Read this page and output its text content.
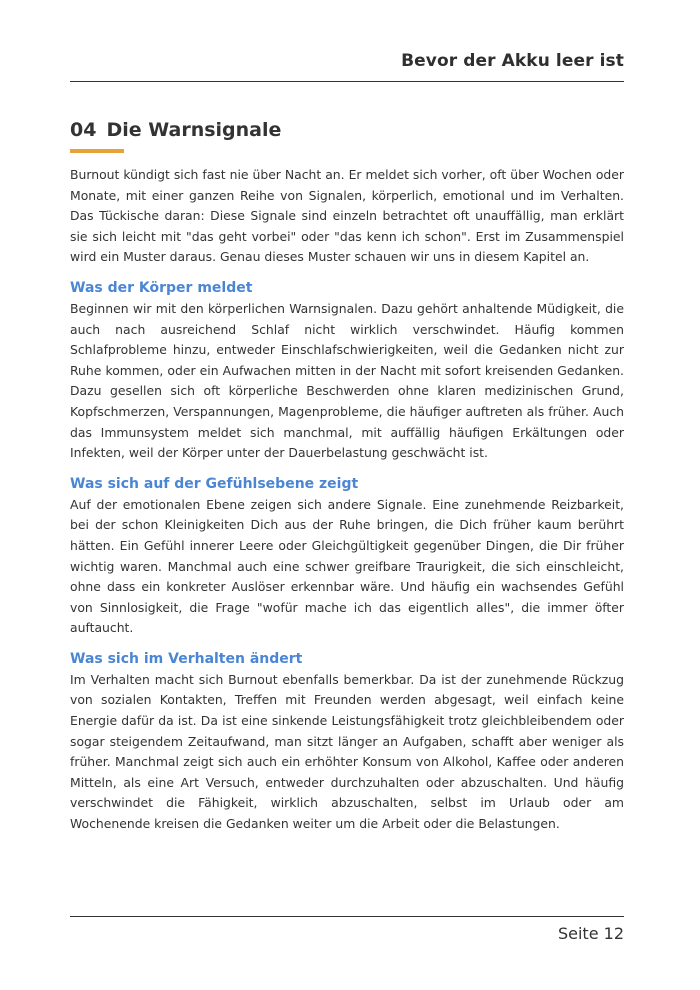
Bevor der Akku leer ist
04 Die Warnsignale

Burnout kündigt sich fast nie über Nacht an. Er meldet sich vorher, oft über Wochen oder Monate, mit einer ganzen Reihe von Signalen, körperlich, emotional und im Verhalten. Das Tückische daran: Diese Signale sind einzeln betrachtet oft unauffällig, man erklärt sie sich leicht mit "das geht vorbei" oder "das kenn ich schon". Erst im Zusammenspiel wird ein Muster daraus. Genau dieses Muster schauen wir uns in diesem Kapitel an.

Was der Körper meldet

Beginnen wir mit den körperlichen Warnsignalen. Dazu gehört anhaltende Müdigkeit, die auch nach ausreichend Schlaf nicht wirklich verschwindet. Häufig kommen Schlafprobleme hinzu, entweder Einschlafschwierigkeiten, weil die Gedanken nicht zur Ruhe kommen, oder ein Aufwachen mitten in der Nacht mit sofort kreisenden Gedanken. Dazu gesellen sich oft körperliche Beschwerden ohne klaren medizinischen Grund, Kopfschmerzen, Verspannungen, Magenprobleme, die häufiger auftreten als früher. Auch das Immunsystem meldet sich manchmal, mit auffällig häufigen Erkältungen oder Infekten, weil der Körper unter der Dauerbelastung geschwächt ist.

Was sich auf der Gefühlsebene zeigt

Auf der emotionalen Ebene zeigen sich andere Signale. Eine zunehmende Reizbarkeit, bei der schon Kleinigkeiten Dich aus der Ruhe bringen, die Dich früher kaum berührt hätten. Ein Gefühl innerer Leere oder Gleichgültigkeit gegenüber Dingen, die Dir früher wichtig waren. Manchmal auch eine schwer greifbare Traurigkeit, die sich einschleicht, ohne dass ein konkreter Auslöser erkennbar wäre. Und häufig ein wachsendes Gefühl von Sinnlosigkeit, die Frage "wofür mache ich das eigentlich alles", die immer öfter auftaucht.

Was sich im Verhalten ändert

Im Verhalten macht sich Burnout ebenfalls bemerkbar. Da ist der zunehmende Rückzug von sozialen Kontakten, Treffen mit Freunden werden abgesagt, weil einfach keine Energie dafür da ist. Da ist eine sinkende Leistungsfähigkeit trotz gleichbleibendem oder sogar steigendem Zeitaufwand, man sitzt länger an Aufgaben, schafft aber weniger als früher. Manchmal zeigt sich auch ein erhöhter Konsum von Alkohol, Kaffee oder anderen Mitteln, als eine Art Versuch, entweder durchzuhalten oder abzuschalten. Und häufig verschwindet die Fähigkeit, wirklich abzuschalten, selbst im Urlaub oder am Wochenende kreisen die Gedanken weiter um die Arbeit oder die Belastungen.

Seite 12
